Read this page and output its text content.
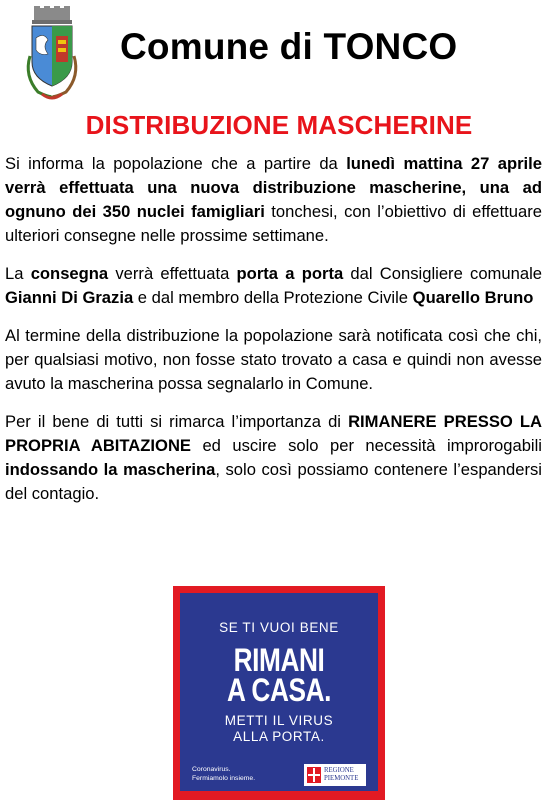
Comune di TONCO
DISTRIBUZIONE MASCHERINE

Si informa la popolazione che a partire da lunedì mattina 27 aprile verrà effettuata una nuova distribuzione mascherine, una ad ognuno dei 350 nuclei famigliari tonchesi, con l’obiettivo di effettuare ulteriori consegne nelle prossime settimane.

La consegna verrà effettuata porta a porta dal Consigliere comunale Gianni Di Grazia e dal membro della Protezione Civile Quarello Bruno

Al termine della distribuzione la popolazione sarà notificata così che chi, per qualsiasi motivo, non fosse stato trovato a casa e quindi non avesse avuto la mascherina possa segnalarlo in Comune.

Per il bene di tutti si rimarca l’importanza di RIMANERE PRESSO LA PROPRIA ABITAZIONE ed uscire solo per necessità improrogabili indossando la mascherina, solo così possiamo contenere l’espandersi del contagio.

SE TI VUOI BENE
RIMANI
A CASA.
METTI IL VIRUS
ALLA PORTA.
Coronavirus.
Fermiamolo insieme.
REGIONE
PIEMONTE
